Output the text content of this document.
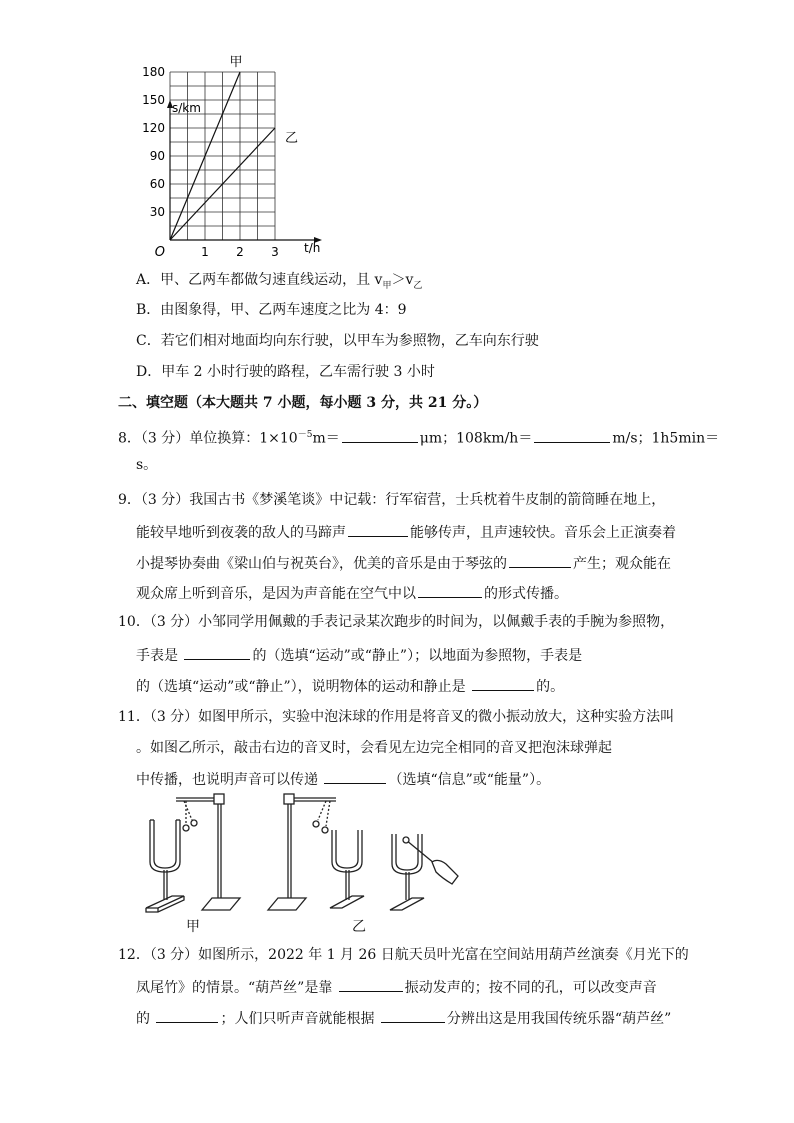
30
60
90
120
150
180
1 2 3
O
s/km
t/h
甲
乙
A．甲、乙两车都做匀速直线运动，且 $v_甲>v_乙$
B．由图象得，甲、乙两车速度之比为 4：9
C．若它们相对地面均向东行驶，以甲车为参照物，乙车向东行驶
D．甲车 2 小时行驶的路程，乙车需行驶 3 小时
二、填空题（本大题共 7 小题，每小题 3 分，共 21 分。）
8．（3 分）单位换算：$1\times 10^{-5}m=$	μm；108km/h＝	m/s；1h5min＝
s。
9．（3 分）我国古书《梦溪笔谈》中记载：行军宿营，士兵枕着牛皮制的箭筒睡在地上，
能较早地听到夜袭的敌人的马蹄声	能够传声，且声速较快。音乐会上正演奏着
小提琴协奏曲《梁山伯与祝英台》，优美的音乐是由于琴弦的	产生；观众能在
观众席上听到音乐，是因为声音能在空气中以	的形式传播。
10．（3 分）小邹同学用佩戴的手表记录某次跑步的时间为，以佩戴手表的手腕为参照物，
手表是	的（选填“运动”或“静止”）；以地面为参照物，手表是
的（选填“运动”或“静止”），说明物体的运动和静止是	的。
11．（3 分）如图甲所示，实验中泡沫球的作用是将音叉的微小振动放大，这种实验方法叫
。如图乙所示，敲击右边的音叉时，会看见左边完全相同的音叉把泡沫球弹起
中传播，也说明声音可以传递	（选填“信息”或“能量”）。
甲	乙
12．（3 分）如图所示，2022 年 1 月 26 日航天员叶光富在空间站用葫芦丝演奏《月光下的
凤尾竹》的情景。“葫芦丝”是靠	振动发声的；按不同的孔，可以改变声音
的	；人们只听声音就能根据	分辨出这是用我国传统乐器“葫芦丝”
